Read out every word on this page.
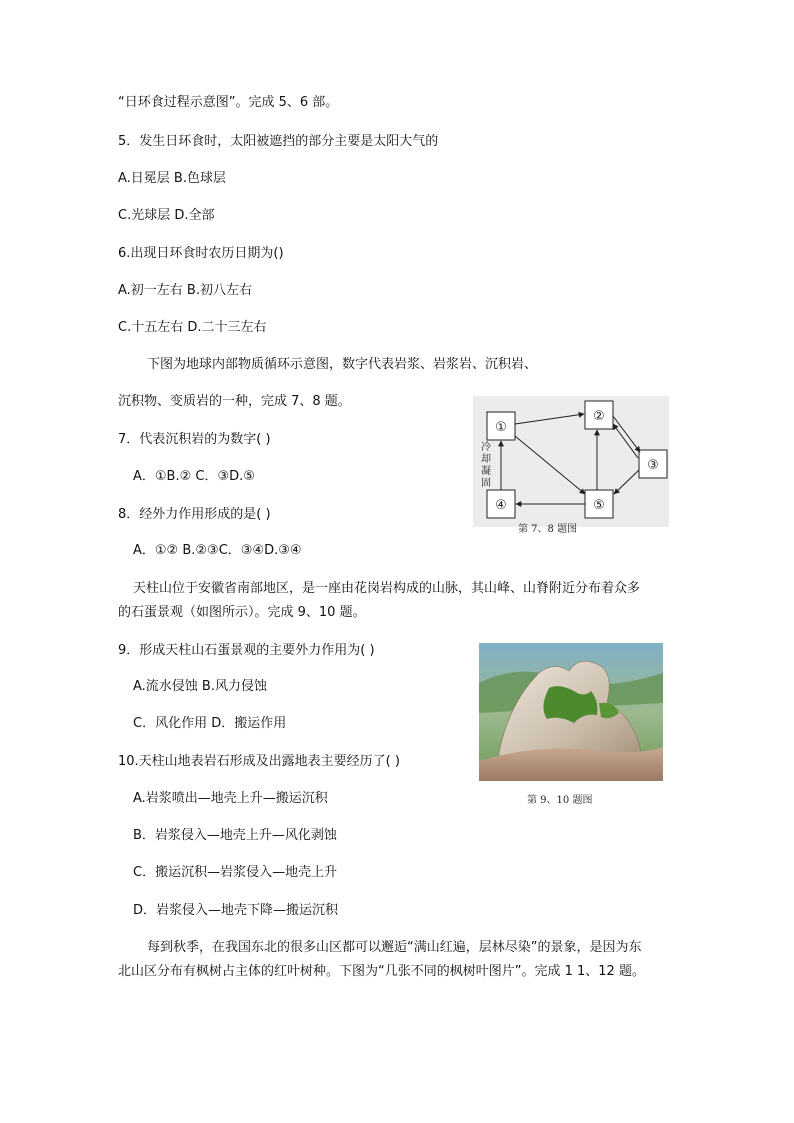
“日环食过程示意图”。完成 5、6 部。
5．发生日环食时，太阳被遮挡的部分主要是太阳大气的
A.日冕层 B.色球层
C.光球层 D.全部
6.出现日环食时农历日期为()
A.初一左右 B.初八左右
C.十五左右 D.二十三左右
下图为地球内部物质循环示意图，数字代表岩浆、岩浆岩、沉积岩、
沉积物、变质岩的一种，完成 7、8 题。
7．代表沉积岩的为数字( )
A．①B.② C．③D.⑤
8．经外力作用形成的是( )
A．①② B.②③C．③④D.③④
天柱山位于安徽省南部地区，是一座由花岗岩构成的山脉，其山峰、山脊附近分布着众多
的石蛋景观（如图所示）。完成 9、10 题。
9．形成天柱山石蛋景观的主要外力作用为( )
A.流水侵蚀 B.风力侵蚀
C．风化作用 D．搬运作用
10.天柱山地表岩石形成及出露地表主要经历了( )
A.岩浆喷出—地壳上升—搬运沉积
B．岩浆侵入—地壳上升—风化剥蚀
C．搬运沉积—岩浆侵入—地壳上升
D．岩浆侵入—地壳下降—搬运沉积
每到秋季，在我国东北的很多山区都可以邂逅“满山红遍，层林尽染”的景象，是因为东
北山区分布有枫树占主体的红叶树种。下图为“几张不同的枫树叶图片”。完成 1 1、12 题。
①
②
③
④	⑤
冷
却
凝
固
第 7、8 题图
第 9、10 题图
